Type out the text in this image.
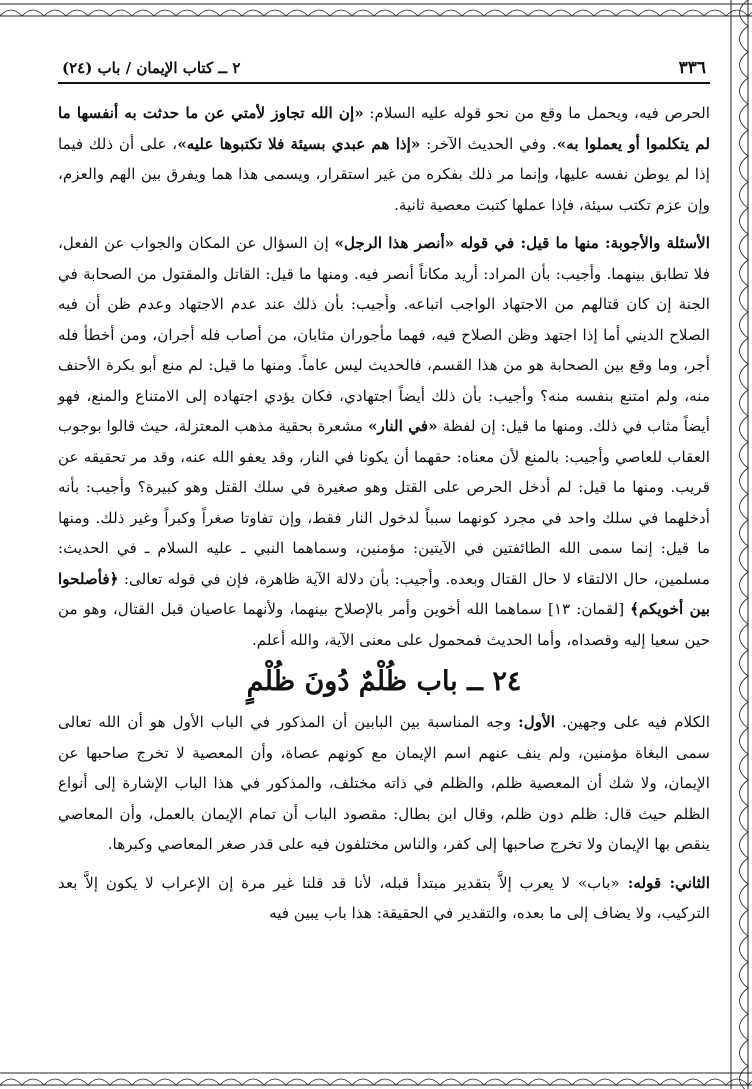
٣٣٦
٢ ــ كتاب الإيمان / باب (٢٤)

الحرص فيه، ويحمل ما وقع من نحو قوله عليه السلام: «إن الله تجاوز لأمتي عن ما حدثت به أنفسها ما لم يتكلموا أو يعملوا به». وفي الحديث الآخر: «إذا هم عبدي بسيئة فلا تكتبوها عليه»، على أن ذلك فيما إذا لم يوطن نفسه عليها، وإنما مر ذلك بفكره من غير استقرار، ويسمى هذا هما ويفرق بين الهم والعزم، وإن عزم تكتب سيئة، فإذا عملها كتبت معصية ثانية.

الأسئلة والأجوبة: منها ما قيل: في قوله «أنصر هذا الرجل» إن السؤال عن المكان والجواب عن الفعل، فلا تطابق بينهما. وأجيب: بأن المراد: أريد مكاناً أنصر فيه. ومنها ما قيل: القاتل والمقتول من الصحابة في الجنة إن كان قتالهم من الاجتهاد الواجب اتباعه. وأجيب: بأن ذلك عند عدم الاجتهاد وعدم ظن أن فيه الصلاح الديني أما إذا اجتهد وظن الصلاح فيه، فهما مأجوران مثابان، من أصاب فله أجران، ومن أخطأ فله أجر، وما وقع بين الصحابة هو من هذا القسم، فالحديث ليس عاماً. ومنها ما قيل: لم منع أبو بكرة الأحنف منه، ولم امتنع بنفسه منه؟ وأجيب: بأن ذلك أيضاً اجتهادي، فكان يؤدي اجتهاده إلى الامتناع والمنع، فهو أيضاً مثاب في ذلك. ومنها ما قيل: إن لفظة «في النار» مشعرة بحقية مذهب المعتزلة، حيث قالوا بوجوب العقاب للعاصي وأجيب: بالمنع لأن معناه: حقهما أن يكونا في النار، وقد يعفو الله عنه، وقد مر تحقيقه عن قريب. ومنها ما قيل: لم أدخل الحرص على القتل وهو صغيرة في سلك القتل وهو كبيرة؟ وأجيب: بأنه أدخلهما في سلك واحد في مجرد كونهما سبباً لدخول النار فقط، وإن تفاوتا صغراً وكبراً وغير ذلك. ومنها ما قيل: إنما سمى الله الطائفتين في الآيتين: مؤمنين، وسماهما النبي ـ عليه السلام ـ في الحديث: مسلمين، حال الالتقاء لا حال القتال وبعده. وأجيب: بأن دلالة الآية ظاهرة، فإن في قوله تعالى: ﴿فأصلحوا بين أخويكم﴾ [لقمان: ١٣] سماهما الله أخوين وأمر بالإصلاح بينهما، ولأنهما عاصيان قبل القتال، وهو من حين سعيا إليه وقصداه، وأما الحديث فمحمول على معنى الآية، والله أعلم.

٢٤ ــ باب ظُلْمٌ دُونَ ظُلْمٍ

الكلام فيه على وجهين. الأول: وجه المناسبة بين البابين أن المذكور في الباب الأول هو أن الله تعالى سمى البغاة مؤمنين، ولم ينف عنهم اسم الإيمان مع كونهم عصاة، وأن المعصية لا تخرج صاحبها عن الإيمان، ولا شك أن المعصية ظلم، والظلم في ذاته مختلف، والمذكور في هذا الباب الإشارة إلى أنواع الظلم حيث قال: ظلم دون ظلم، وقال ابن بطال: مقصود الباب أن تمام الإيمان بالعمل، وأن المعاصي ينقص بها الإيمان ولا تخرج صاحبها إلى كفر، والناس مختلفون فيه على قدر صغر المعاصي وكبرها.

الثاني: قوله: «باب» لا يعرب إلاَّ بتقدير مبتدأ قبله، لأنا قد قلنا غير مرة إن الإعراب لا يكون إلاَّ بعد التركيب، ولا يضاف إلى ما بعده، والتقدير في الحقيقة: هذا باب يبين فيه
